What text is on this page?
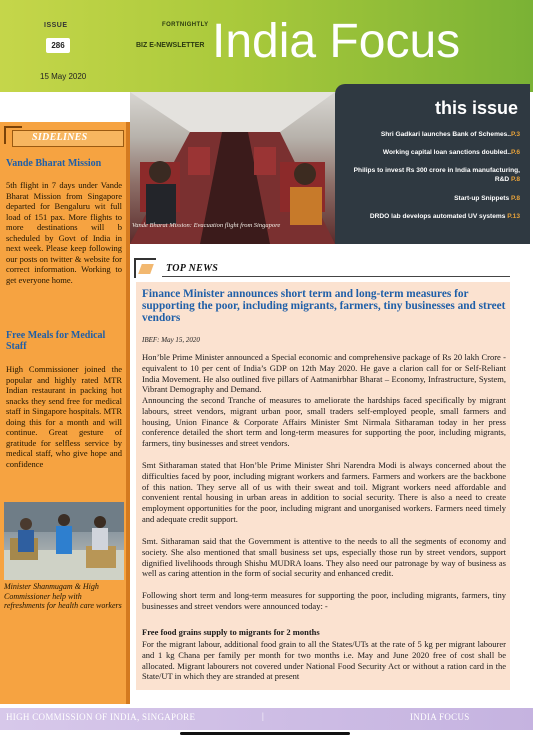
ISSUE
286
15 May 2020
FORTNIGHTLY
BIZ E-NEWSLETTER India Focus
SIDELINES
Vande Bharat Mission
5th flight in 7 days under Vande Bharat Mission from Singapore departed for Bengaluru wit full load of 151 pax. More flights to more destinations will b scheduled by Govt of India in next week. Please keep following our posts on twitter & website for correct information. Working to get everyone home.
Free Meals for Medical Staff
High Commissioner joined the popular and highly rated MTR Indian restaurant in packing hot snacks they send free for medical staff in Singapore hospitals. MTR doing this for a month and will continue. Great gesture of gratitude for selfless service by medical staff, who give hope and confidence
Minister Shanmugam & High Commissioner help with refreshments for health care workers
Vande Bharat Mission: Evacuation flight from Singapore
this issue
Shri Gadkari launches Bank of Schemes..P.3
Working capital loan sanctions doubled..P.6
Philips to invest Rs 300 crore in India manufacturing, R&D P.8
Start-up Snippets P.8
DRDO lab develops automated UV systems P.13
TOP NEWS
Finance Minister announces short term and long-term measures for supporting the poor, including migrants, farmers, tiny businesses and street vendors
IBEF: May 15, 2020
Hon’ble Prime Minister announced a Special economic and comprehensive package of Rs 20 lakh Crore - equivalent to 10 per cent of India’s GDP on 12th May 2020. He gave a clarion call for or Self-Reliant India Movement. He also outlined five pillars of Aatmanirbhar Bharat – Economy, Infrastructure, System, Vibrant Demography and Demand.
Announcing the second Tranche of measures to ameliorate the hardships faced specifically by migrant labours, street vendors, migrant urban poor, small traders self-employed people, small farmers and housing, Union Finance & Corporate Affairs Minister Smt Nirmala Sitharaman today in her press conference detailed the short term and long-term measures for supporting the poor, including migrants, farmers, tiny businesses and street vendors.
Smt Sitharaman stated that Hon’ble Prime Minister Shri Narendra Modi is always concerned about the difficulties faced by poor, including migrant workers and farmers. Farmers and workers are the backbone of this nation. They serve all of us with their sweat and toil. Migrant workers need affordable and convenient rental housing in urban areas in addition to social security. There is also a need to create employment opportunities for the poor, including migrant and unorganised workers. Farmers need timely and adequate credit support.
Smt. Sitharaman said that the Government is attentive to the needs to all the segments of economy and society. She also mentioned that small business set ups, especially those run by street vendors, support dignified livelihoods through Shishu MUDRA loans. They also need our patronage by way of business as well as caring attention in the form of social security and enhanced credit.
Following short term and long-term measures for supporting the poor, including migrants, farmers, tiny businesses and street vendors were announced today: -
Free food grains supply to migrants for 2 months
For the migrant labour, additional food grain to all the States/UTs at the rate of 5 kg per migrant labourer and 1 kg Chana per family per month for two months i.e. May and June 2020 free of cost shall be allocated. Migrant labourers not covered under National Food Security Act or without a ration card in the State/UT in which they are stranded at present
HIGH COMMISSION OF INDIA, SINGAPORE	|	INDIA FOCUS
